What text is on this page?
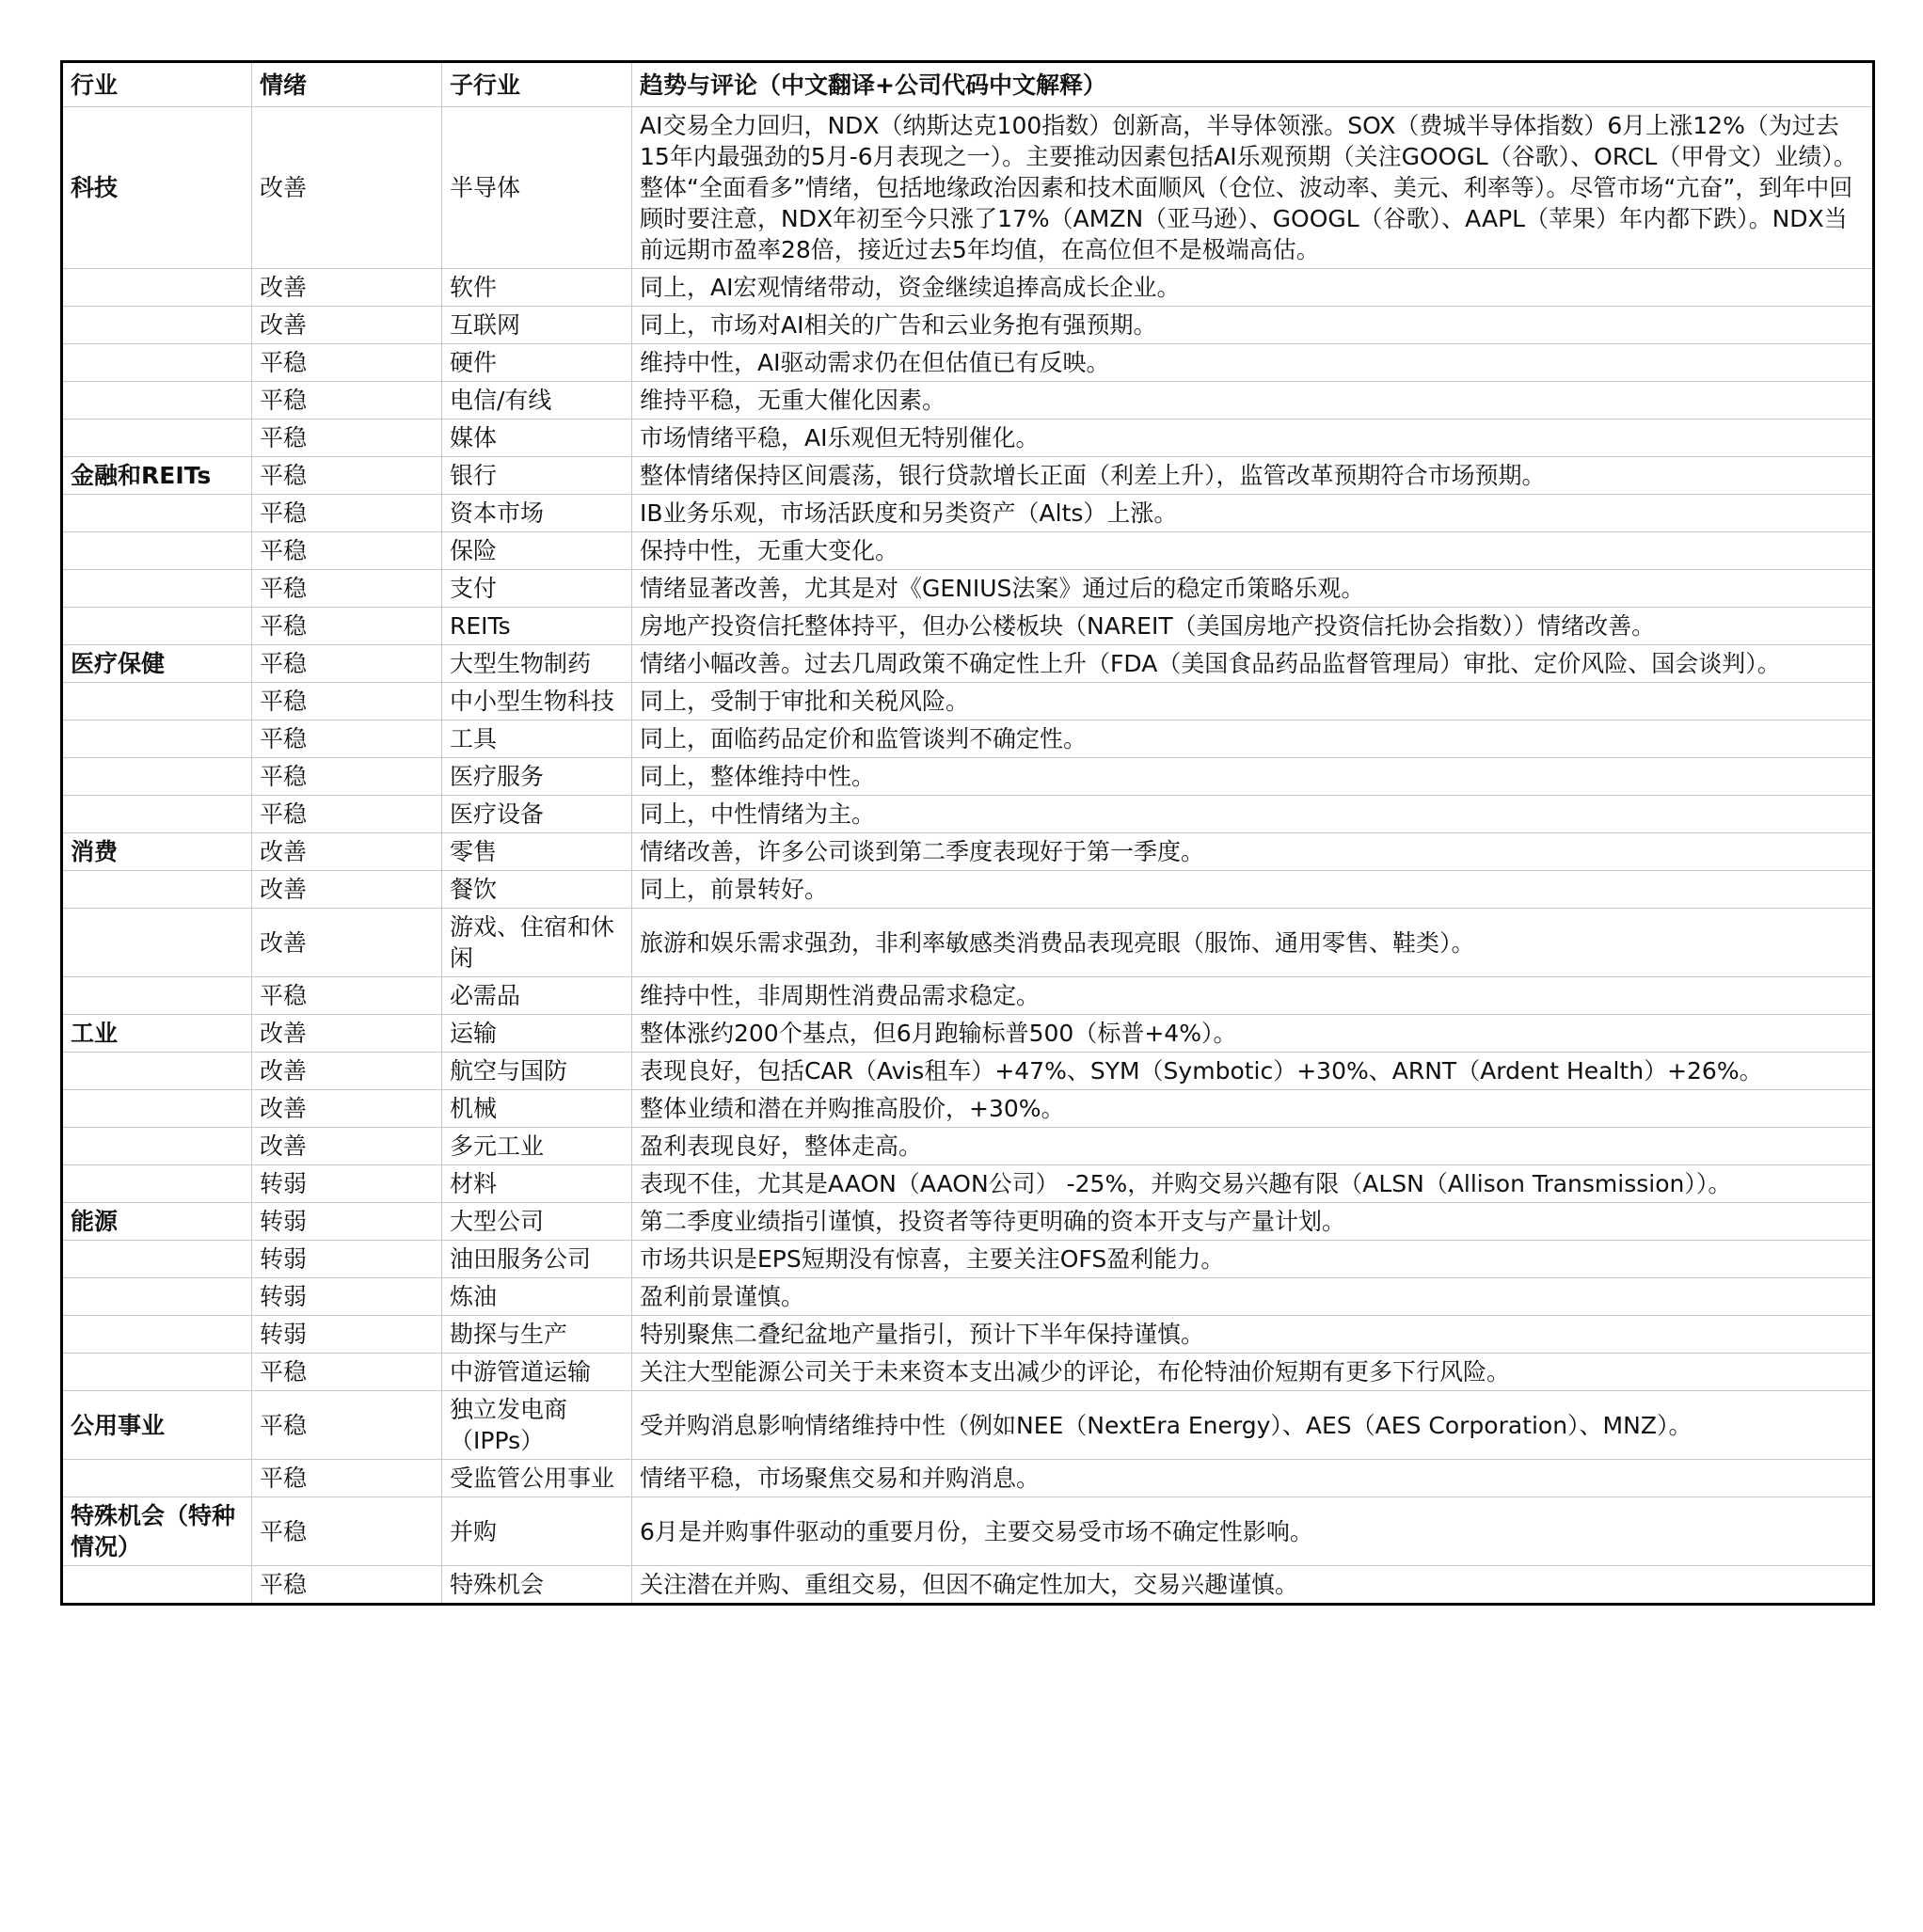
行业	情绪	子行业	趋势与评论（中文翻译+公司代码中文解释）
科技	改善	半导体	AI交易全力回归，NDX（纳斯达克100指数）创新高，半导体领涨。SOX（费城半导体指数）6月上涨12%（为过去15年内最强劲的5月-6月表现之一）。主要推动因素包括AI乐观预期（关注GOOGL（谷歌）、ORCL（甲骨文）业绩）。整体“全面看多”情绪，包括地缘政治因素和技术面顺风（仓位、波动率、美元、利率等）。尽管市场“亢奋”，到年中回顾时要注意，NDX年初至今只涨了17%（AMZN（亚马逊）、GOOGL（谷歌）、AAPL（苹果）年内都下跌）。NDX当前远期市盈率28倍，接近过去5年均值，在高位但不是极端高估。
	改善	软件	同上，AI宏观情绪带动，资金继续追捧高成长企业。
	改善	互联网	同上，市场对AI相关的广告和云业务抱有强预期。
	平稳	硬件	维持中性，AI驱动需求仍在但估值已有反映。
	平稳	电信/有线	维持平稳，无重大催化因素。
	平稳	媒体	市场情绪平稳，AI乐观但无特别催化。
金融和REITs	平稳	银行	整体情绪保持区间震荡，银行贷款增长正面（利差上升），监管改革预期符合市场预期。
	平稳	资本市场	IB业务乐观，市场活跃度和另类资产（Alts）上涨。
	平稳	保险	保持中性，无重大变化。
	平稳	支付	情绪显著改善，尤其是对《GENIUS法案》通过后的稳定币策略乐观。
	平稳	REITs	房地产投资信托整体持平，但办公楼板块（NAREIT（美国房地产投资信托协会指数））情绪改善。
医疗保健	平稳	大型生物制药	情绪小幅改善。过去几周政策不确定性上升（FDA（美国食品药品监督管理局）审批、定价风险、国会谈判）。
	平稳	中小型生物科技	同上，受制于审批和关税风险。
	平稳	工具	同上，面临药品定价和监管谈判不确定性。
	平稳	医疗服务	同上，整体维持中性。
	平稳	医疗设备	同上，中性情绪为主。
消费	改善	零售	情绪改善，许多公司谈到第二季度表现好于第一季度。
	改善	餐饮	同上，前景转好。
	改善	游戏、住宿和休闲	旅游和娱乐需求强劲，非利率敏感类消费品表现亮眼（服饰、通用零售、鞋类）。
	平稳	必需品	维持中性，非周期性消费品需求稳定。
工业	改善	运输	整体涨约200个基点，但6月跑输标普500（标普+4%）。
	改善	航空与国防	表现良好，包括CAR（Avis租车）+47%、SYM（Symbotic）+30%、ARNT（Ardent Health）+26%。
	改善	机械	整体业绩和潜在并购推高股价，+30%。
	改善	多元工业	盈利表现良好，整体走高。
	转弱	材料	表现不佳，尤其是AAON（AAON公司） -25%，并购交易兴趣有限（ALSN（Allison Transmission））。
能源	转弱	大型公司	第二季度业绩指引谨慎，投资者等待更明确的资本开支与产量计划。
	转弱	油田服务公司	市场共识是EPS短期没有惊喜，主要关注OFS盈利能力。
	转弱	炼油	盈利前景谨慎。
	转弱	勘探与生产	特别聚焦二叠纪盆地产量指引，预计下半年保持谨慎。
	平稳	中游管道运输	关注大型能源公司关于未来资本支出减少的评论，布伦特油价短期有更多下行风险。
公用事业	平稳	独立发电商（IPPs）	受并购消息影响情绪维持中性（例如NEE（NextEra Energy）、AES（AES Corporation）、MNZ）。
	平稳	受监管公用事业	情绪平稳，市场聚焦交易和并购消息。
特殊机会（特种情况）	平稳	并购	6月是并购事件驱动的重要月份，主要交易受市场不确定性影响。
	平稳	特殊机会	关注潜在并购、重组交易，但因不确定性加大，交易兴趣谨慎。
